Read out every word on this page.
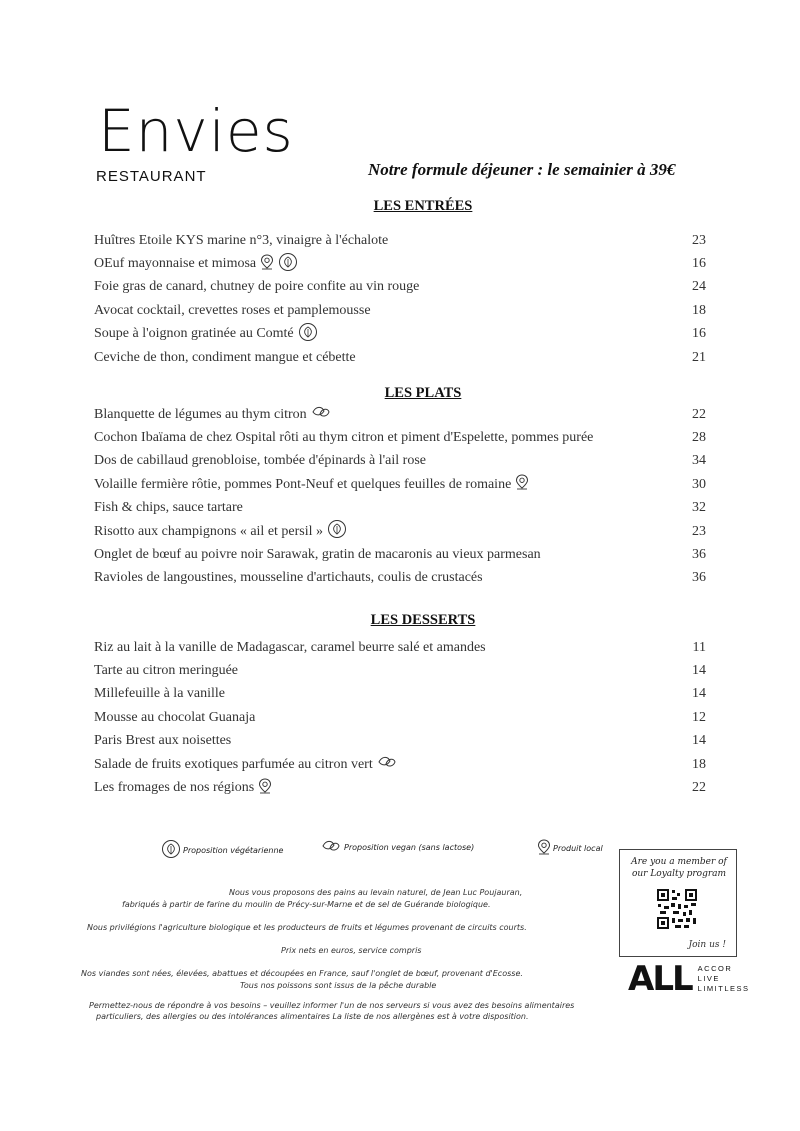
Envies
RESTAURANT	Notre formule déjeuner : le semainier à 39€
LES ENTRÉES
Huîtres Etoile KYS marine n°3, vinaigre à l'échalote	23
OEuf mayonnaise et mimosa	16
Foie gras de canard, chutney de poire confite au vin rouge	24
Avocat cocktail, crevettes roses et pamplemousse	18
Soupe à l'oignon gratinée au Comté	16
Ceviche de thon, condiment mangue et cébette	21
LES PLATS
Blanquette de légumes au thym citron	22
Cochon Ibaïama de chez Ospital rôti au thym citron et piment d'Espelette, pommes purée	28
Dos de cabillaud grenobloise, tombée d'épinards à l'ail rose	34
Volaille fermière rôtie, pommes Pont-Neuf et quelques feuilles de romaine	30
Fish & chips, sauce tartare	32
Risotto aux champignons « ail et persil »	23
Onglet de bœuf au poivre noir Sarawak, gratin de macaronis au vieux parmesan	36
Ravioles de langoustines, mousseline d'artichauts, coulis de crustacés	36
LES DESSERTS
Riz au lait à la vanille de Madagascar, caramel beurre salé et amandes	11
Tarte au citron meringuée	14
Millefeuille à la vanille	14
Mousse au chocolat Guanaja	12
Paris Brest aux noisettes	14
Salade de fruits exotiques parfumée au citron vert	18
Les fromages de nos régions	22
Proposition végétarienne	Proposition vegan (sans lactose)	Produit local
Nous vous proposons des pains au levain naturel, de Jean Luc Poujauran,
fabriqués à partir de farine du moulin de Précy-sur-Marne et de sel de Guérande biologique.
Nous privilégions l'agriculture biologique et les producteurs de fruits et légumes provenant de circuits courts.
Prix nets en euros, service compris
Nos viandes sont nées, élevées, abattues et découpées en France, sauf l'onglet de bœuf, provenant d'Ecosse.
Tous nos poissons sont issus de la pêche durable
Permettez-nous de répondre à vos besoins – veuillez informer l'un de nos serveurs si vous avez des besoins alimentaires
particuliers, des allergies ou des intolérances alimentaires La liste de nos allergènes est à votre disposition.
Are you a member of
our Loyalty program
Join us !
ALL ACCOR
LIVE
LIMITLESS
